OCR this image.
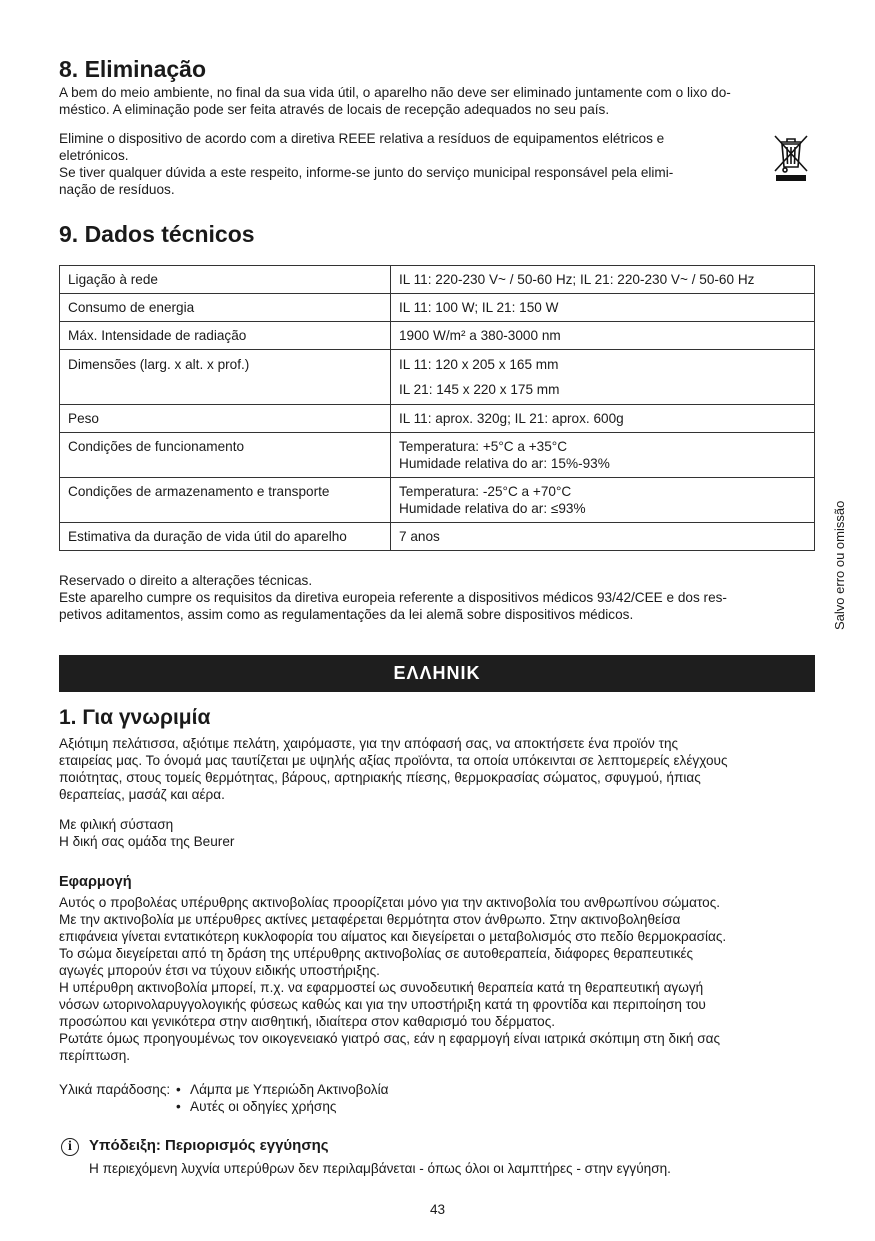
8. Eliminação

A bem do meio ambiente, no final da sua vida útil, o aparelho não deve ser eliminado juntamente com o lixo do-
méstico. A eliminação pode ser feita através de locais de recepção adequados no seu país.

Elimine o dispositivo de acordo com a diretiva REEE relativa a resíduos de equipamentos elétricos e
eletrónicos.
Se tiver qualquer dúvida a este respeito, informe-se junto do serviço municipal responsável pela elimi-
nação de resíduos.

9. Dados técnicos
Ligação à rede	IL 11: 220-230 V~ / 50-60 Hz; IL 21: 220-230 V~ / 50-60 Hz
Consumo de energia	IL 11: 100 W; IL 21: 150 W
Máx. Intensidade de radiação	1900 W/m² a 380-3000 nm
Dimensões (larg. x alt. x prof.)	IL 11: 120 x 205 x 165 mm
IL 21: 145 x 220 x 175 mm
Peso	IL 11: aprox. 320g; IL 21: aprox. 600g
Condições de funcionamento	Temperatura: +5°C a +35°C
Humidade relativa do ar: 15%-93%
Condições de armazenamento e transporte	Temperatura: -25°C a +70°C
Humidade relativa do ar: ≤93%
Estimativa da duração de vida útil do aparelho	7 anos

Reservado o direito a alterações técnicas.
Este aparelho cumpre os requisitos da diretiva europeia referente a dispositivos médicos 93/42/CEE e dos res-
petivos aditamentos, assim como as regulamentações da lei alemã sobre dispositivos médicos.	Salvo erro ou omissão
ΕΛΛΗΝΙΚ
1. Για γνωριμία

Αξιότιμη πελάτισσα, αξιότιμε πελάτη, χαιρόμαστε, για την απόφασή σας, να αποκτήσετε ένα προϊόν της
εταιρείας μας. Το όνομά μας ταυτίζεται με υψηλής αξίας προϊόντα, τα οποία υπόκεινται σε λεπτομερείς ελέγχους
ποιότητας, στους τομείς θερμότητας, βάρους, αρτηριακής πίεσης, θερμοκρασίας σώματος, σφυγμού, ήπιας
θεραπείας, μασάζ και αέρα.

Με φιλική σύσταση
Η δική σας ομάδα της Beurer

Εφαρμογή

Αυτός ο προβολέας υπέρυθρης ακτινοβολίας προορίζεται μόνο για την ακτινοβολία του ανθρωπίνου σώματος.
Με την ακτινοβολία με υπέρυθρες ακτίνες μεταφέρεται θερμότητα στον άνθρωπο. Στην ακτινοβοληθείσα
επιφάνεια γίνεται εντατικότερη κυκλοφορία του αίματος και διεγείρεται ο μεταβολισμός στο πεδίο θερμοκρασίας.
Το σώμα διεγείρεται από τη δράση της υπέρυθρης ακτινοβολίας σε αυτοθεραπεία, διάφορες θεραπευτικές
αγωγές μπορούν έτσι να τύχουν ειδικής υποστήριξης.
Η υπέρυθρη ακτινοβολία μπορεί, π.χ. να εφαρμοστεί ως συνοδευτική θεραπεία κατά τη θεραπευτική αγωγή
νόσων ωτορινολαρυγγολογικής φύσεως καθώς και για την υποστήριξη κατά τη φροντίδα και περιποίηση του
προσώπου και γενικότερα στην αισθητική, ιδιαίτερα στον καθαρισμό του δέρματος.
Ρωτάτε όμως προηγουμένως τον οικογενειακό γιατρό σας, εάν η εφαρμογή είναι ιατρικά σκόπιμη στη δική σας
περίπτωση.

Υλικά παράδοσης: • Λάμπα με Υπεριώδη Ακτινοβολία
• Αυτές οι οδηγίες χρήσης
i	Υπόδειξη: Περιορισμός εγγύησης

Η περιεχόμενη λυχνία υπερύθρων δεν περιλαμβάνεται - όπως όλοι οι λαμπτήρες - στην εγγύηση.

43
